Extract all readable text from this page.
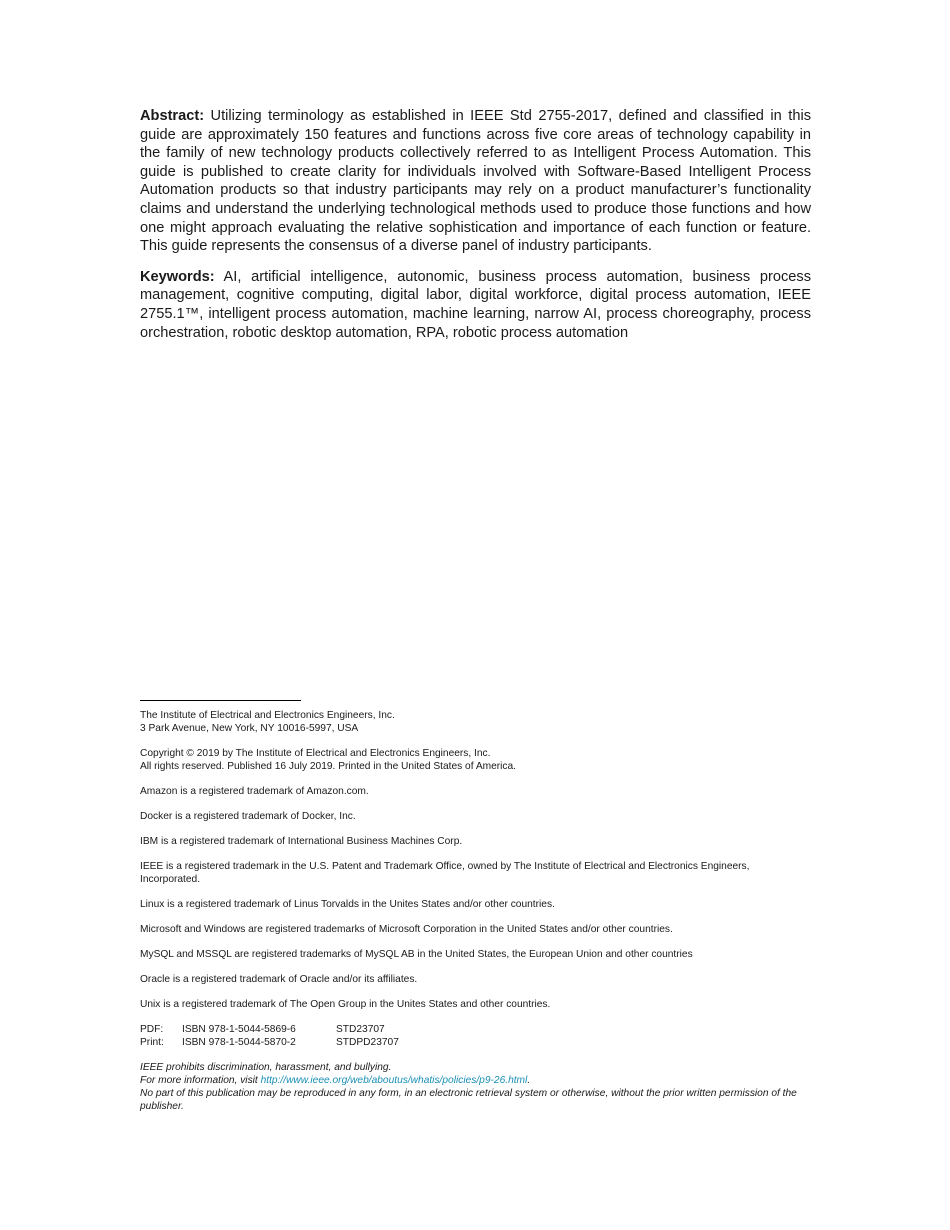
Abstract: Utilizing terminology as established in IEEE Std 2755-2017, defined and classified in this guide are approximately 150 features and functions across five core areas of technology capability in the family of new technology products collectively referred to as Intelligent Process Automation. This guide is published to create clarity for individuals involved with Software-Based Intelligent Process Automation products so that industry participants may rely on a product manufacturer’s functionality claims and understand the underlying technological methods used to produce those functions and how one might approach evaluating the relative sophistication and importance of each function or feature. This guide represents the consensus of a diverse panel of industry participants.

Keywords: AI, artificial intelligence, autonomic, business process automation, business process management, cognitive computing, digital labor, digital workforce, digital process automation, IEEE 2755.1™, intelligent process automation, machine learning, narrow AI, process choreography, process orchestration, robotic desktop automation, RPA, robotic process automation

The Institute of Electrical and Electronics Engineers, Inc.
3 Park Avenue, New York, NY 10016-5997, USA
Copyright © 2019 by The Institute of Electrical and Electronics Engineers, Inc.
All rights reserved. Published 16 July 2019. Printed in the United States of America.
Amazon is a registered trademark of Amazon.com.
Docker is a registered trademark of Docker, Inc.
IBM is a registered trademark of International Business Machines Corp.
IEEE is a registered trademark in the U.S. Patent and Trademark Office, owned by The Institute of Electrical and Electronics Engineers, Incorporated.
Linux is a registered trademark of Linus Torvalds in the Unites States and/or other countries.
Microsoft and Windows are registered trademarks of Microsoft Corporation in the United States and/or other countries.
MySQL and MSSQL are registered trademarks of MySQL AB in the United States, the European Union and other countries
Oracle is a registered trademark of Oracle and/or its affiliates.
Unix is a registered trademark of The Open Group in the Unites States and other countries.
PDF:	ISBN 978-1-5044-5869-6	STD23707
Print:	ISBN 978-1-5044-5870-2	STDPD23707
IEEE prohibits discrimination, harassment, and bullying.
For more information, visit http://www.ieee.org/web/aboutus/whatis/policies/p9-26.html.
No part of this publication may be reproduced in any form, in an electronic retrieval system or otherwise, without the prior written permission of the publisher.
